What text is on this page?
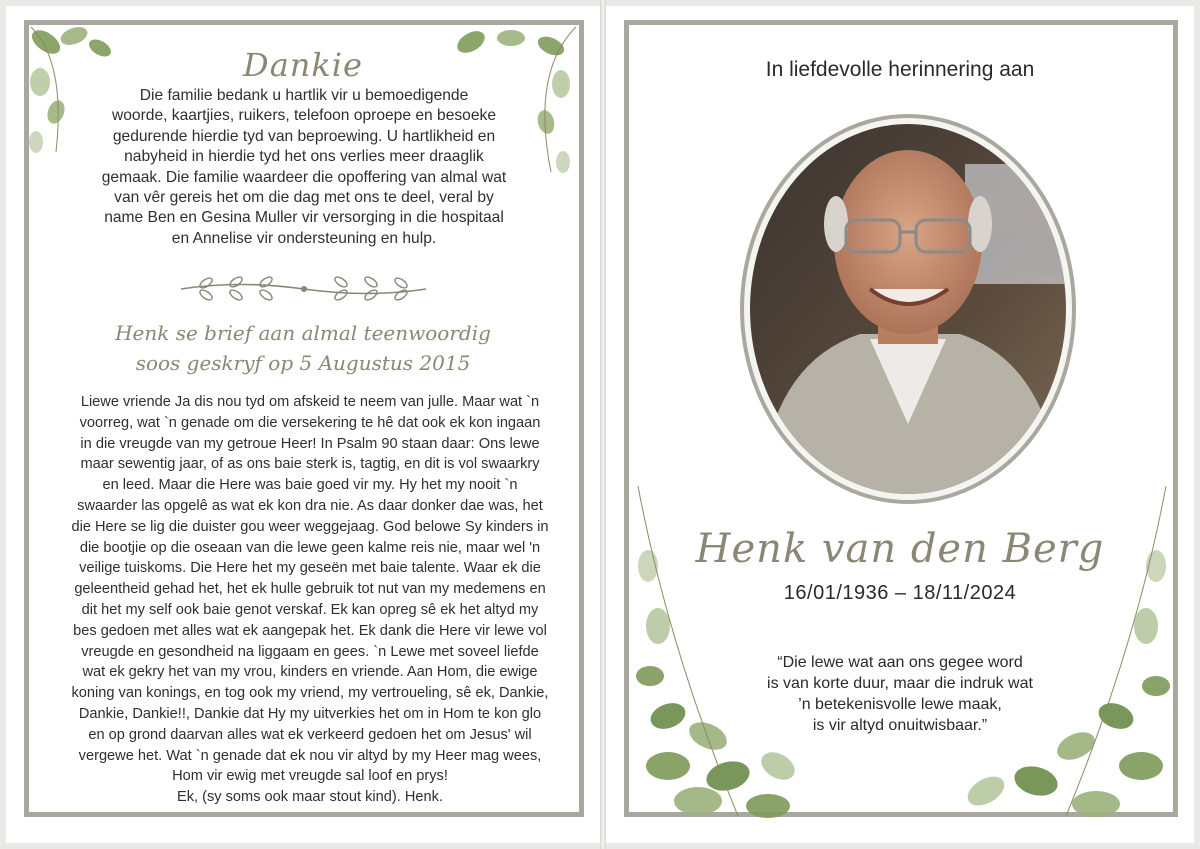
Dankie
Die familie bedank u hartlik vir u bemoedigende
woorde, kaartjies, ruikers, telefoon oproepe en besoeke
gedurende hierdie tyd van beproewing. U hartlikheid en
nabyheid in hierdie tyd het ons verlies meer draaglik
gemaak. Die familie waardeer die opoffering van almal wat
van vêr gereis het om die dag met ons te deel, veral by
name Ben en Gesina Muller vir versorging in die hospitaal
en Annelise vir ondersteuning en hulp.
Henk se brief aan almal teenwoordig
soos geskryf op 5 Augustus 2015
Liewe vriende Ja dis nou tyd om afskeid te neem van julle. Maar wat `n
voorreg, wat `n genade om die versekering te hê dat ook ek kon ingaan
in die vreugde van my getroue Heer! In Psalm 90 staan daar: Ons lewe
maar sewentig jaar, of as ons baie sterk is, tagtig, en dit is vol swaarkry
en leed. Maar die Here was baie goed vir my. Hy het my nooit `n
swaarder las opgelê as wat ek kon dra nie. As daar donker dae was, het
die Here se lig die duister gou weer weggejaag. God belowe Sy kinders in
die bootjie op die oseaan van die lewe geen kalme reis nie, maar wel 'n
veilige tuiskoms. Die Here het my geseën met baie talente. Waar ek die
geleentheid gehad het, het ek hulle gebruik tot nut van my medemens en
dit het my self ook baie genot verskaf. Ek kan opreg sê ek het altyd my
bes gedoen met alles wat ek aangepak het. Ek dank die Here vir lewe vol
vreugde en gesondheid na liggaam en gees. `n Lewe met soveel liefde
wat ek gekry het van my vrou, kinders en vriende. Aan Hom, die ewige
koning van konings, en tog ook my vriend, my vertroueling, sê ek, Dankie,
Dankie, Dankie!!, Dankie dat Hy my uitverkies het om in Hom te kon glo
en op grond daarvan alles wat ek verkeerd gedoen het om Jesus' wil
vergewe het. Wat `n genade dat ek nou vir altyd by my Heer mag wees,
Hom vir ewig met vreugde sal loof en prys!
Ek, (sy soms ook maar stout kind). Henk.
In liefdevolle herinnering aan
Henk van den Berg
16/01/1936 – 18/11/2024
“Die lewe wat aan ons gegee word
is van korte duur, maar die indruk wat
’n betekenisvolle lewe maak,
is vir altyd onuitwisbaar.”
